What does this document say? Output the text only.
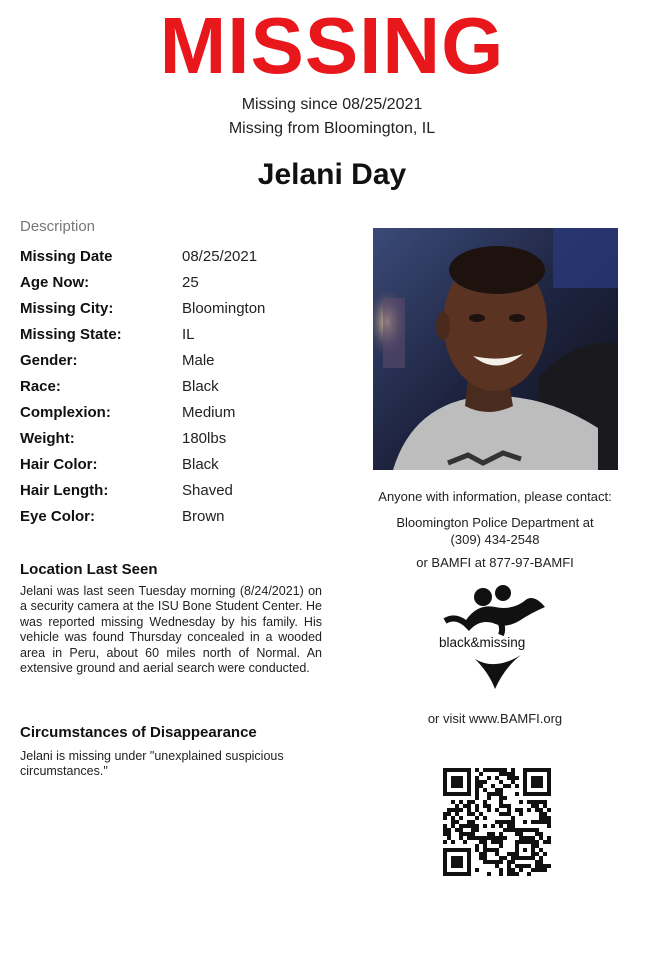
MISSING
Missing since 08/25/2021
Missing from Bloomington, IL
Jelani Day
Description
Missing Date	08/25/2021
Age Now:	25
Missing City:	Bloomington
Missing State:	IL
Gender:	Male
Race:	Black
Complexion:	Medium
Weight:	180lbs
Hair Color:	Black
Hair Length:	Shaved
Eye Color:	Brown
Anyone with information, please contact:
Bloomington Police Department at
(309) 434-2548
or BAMFI at 877-97-BAMFI
black&missing
or visit www.BAMFI.org
Location Last Seen
Jelani was last seen Tuesday morning (8/24/2021) on a security camera at the ISU Bone Student Center. He was reported missing Wednesday by his family. His vehicle was found Thursday concealed in a wooded area in Peru, about 60 miles north of Normal. An extensive ground and aerial search were conducted.
Circumstances of Disappearance
Jelani is missing under "unexplained suspicious circumstances."
